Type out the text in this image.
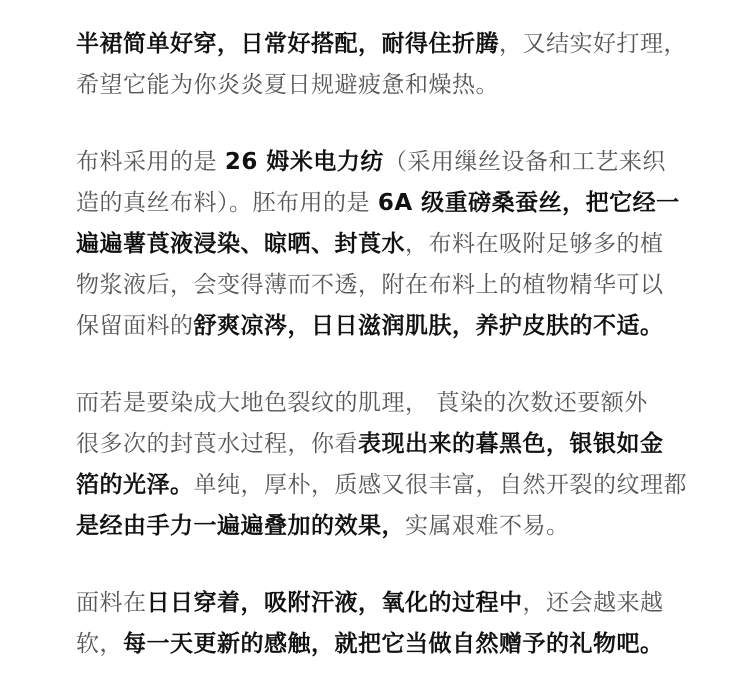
半裙简单好穿，日常好搭配，耐得住折腾，又结实好打理，
希望它能为你炎炎夏日规避疲惫和燥热。

布料采用的是 26 姆米电力纺（采用缫丝设备和工艺来织
造的真丝布料）。胚布用的是 6A 级重磅桑蚕丝，把它经一
遍遍薯莨液浸染、晾晒、封莨水，布料在吸附足够多的植
物浆液后，会变得薄而不透，附在布料上的植物精华可以
保留面料的舒爽凉涔，日日滋润肌肤，养护皮肤的不适。

而若是要染成大地色裂纹的肌理， 莨染的次数还要额外
很多次的封莨水过程，你看表现出来的暮黑色，银银如金
箔的光泽。单纯，厚朴，质感又很丰富，自然开裂的纹理都
是经由手力一遍遍叠加的效果，实属艰难不易。

面料在日日穿着，吸附汗液，氧化的过程中，还会越来越
软，每一天更新的感触，就把它当做自然赠予的礼物吧。
